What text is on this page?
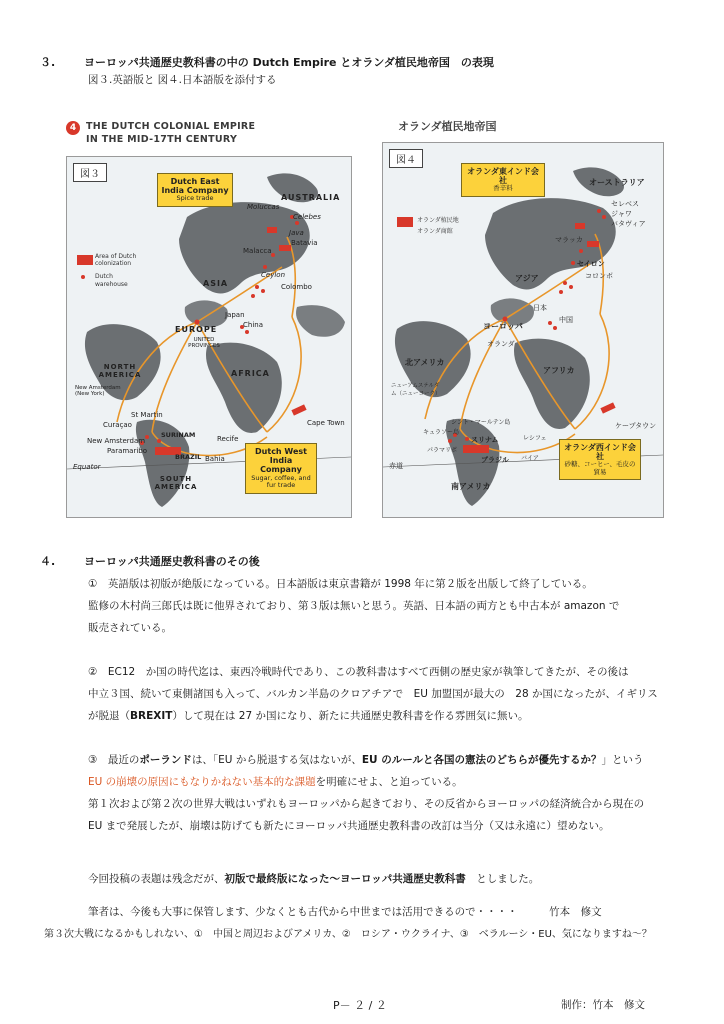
３.	ヨーロッパ共通歴史教科書の中の Dutch Empire とオランダ植民地帝国　の表現
図３.英語版と 図４.日本語版を添付する
4	THE DUTCH COLONIAL EMPIRE
IN THE MID-17TH CENTURY
図３
Dutch East India Company
Spice trade
Dutch West India Company
Sugar, coffee, and fur trade
Area of Dutch colonization
Dutch warehouse
AUSTRALIA
Moluccas
Celebes
Java
Batavia
Malacca
Ceylon
Colombo
ASIA
Japan
China
EUROPE
UNITED PROVINCES
AFRICA
NORTH AMERICA
New Amsterdam (New York)
Cape Town
Curaçao
St Martin
SURINAM
New Amsterdam
Paramaribo
Recife
BRAZIL Bahia
SOUTH AMERICA
Equator
オランダ植民地帝国
図４
オランダ東インド会社
香辛料
オランダ西インド会社
砂糖、コーヒー、毛皮の貿易
オランダ植民地
オランダ商館
オーストラリア
セレベス
ジャワ
バタヴィア
マラッカ
セイロン
コロンボ
アジア
日本
中国
ヨーロッパ
オランダ
アフリカ
北アメリカ
ニューアムステルダム（ニューヨーク）
ケープタウン
シント・マールテン島
キュラソー島
スリナム
パラマリボ
レシフェ
ブラジル バイア
南アメリカ
赤道
４.	ヨーロッパ共通歴史教科書のその後
①　英語版は初版が絶版になっている。日本語版は東京書籍が 1998 年に第２版を出版して終了している。
監修の木村尚三郎氏は既に他界されており、第３版は無いと思う。英語、日本語の両方とも中古本が amazon で
販売されている。
②　EC12　か国の時代迄は、東西冷戦時代であり、この教科書はすべて西側の歴史家が執筆してきたが、その後は
中立３国、続いて東側諸国も入って、バルカン半島のクロアチアで　EU 加盟国が最大の　28 か国になったが、イギリス
が脱退（BREXIT）して現在は 27 か国になり、新たに共通歴史教科書を作る雰囲気に無い。
③　最近のポーランドは、「EU から脱退する気はないが、EU のルールと各国の憲法のどちらが優先するか？」という
EU の崩壊の原因にもなりかねない基本的な課題を明確にせよ、と迫っている。
第１次および第２次の世界大戦はいずれもヨーロッパから起きており、その反省からヨーロッパの経済統合から現在の
EU まで発展したが、崩壊は防げても新たにヨーロッパ共通歴史教科書の改訂は当分（又は永遠に）望めない。
今回投稿の表題は残念だが、初版で最終版になった～ヨーロッパ共通歴史教科書　としました。
筆者は、今後も大事に保管します、少なくとも古代から中世までは活用できるので・・・・　　　竹本　修文
第３次大戦になるかもしれない、①　中国と周辺およびアメリカ、②　ロシア・ウクライナ、③　ベラルーシ・EU、気になりますね～？
P－ ２ / ２	制作：竹本　修文
